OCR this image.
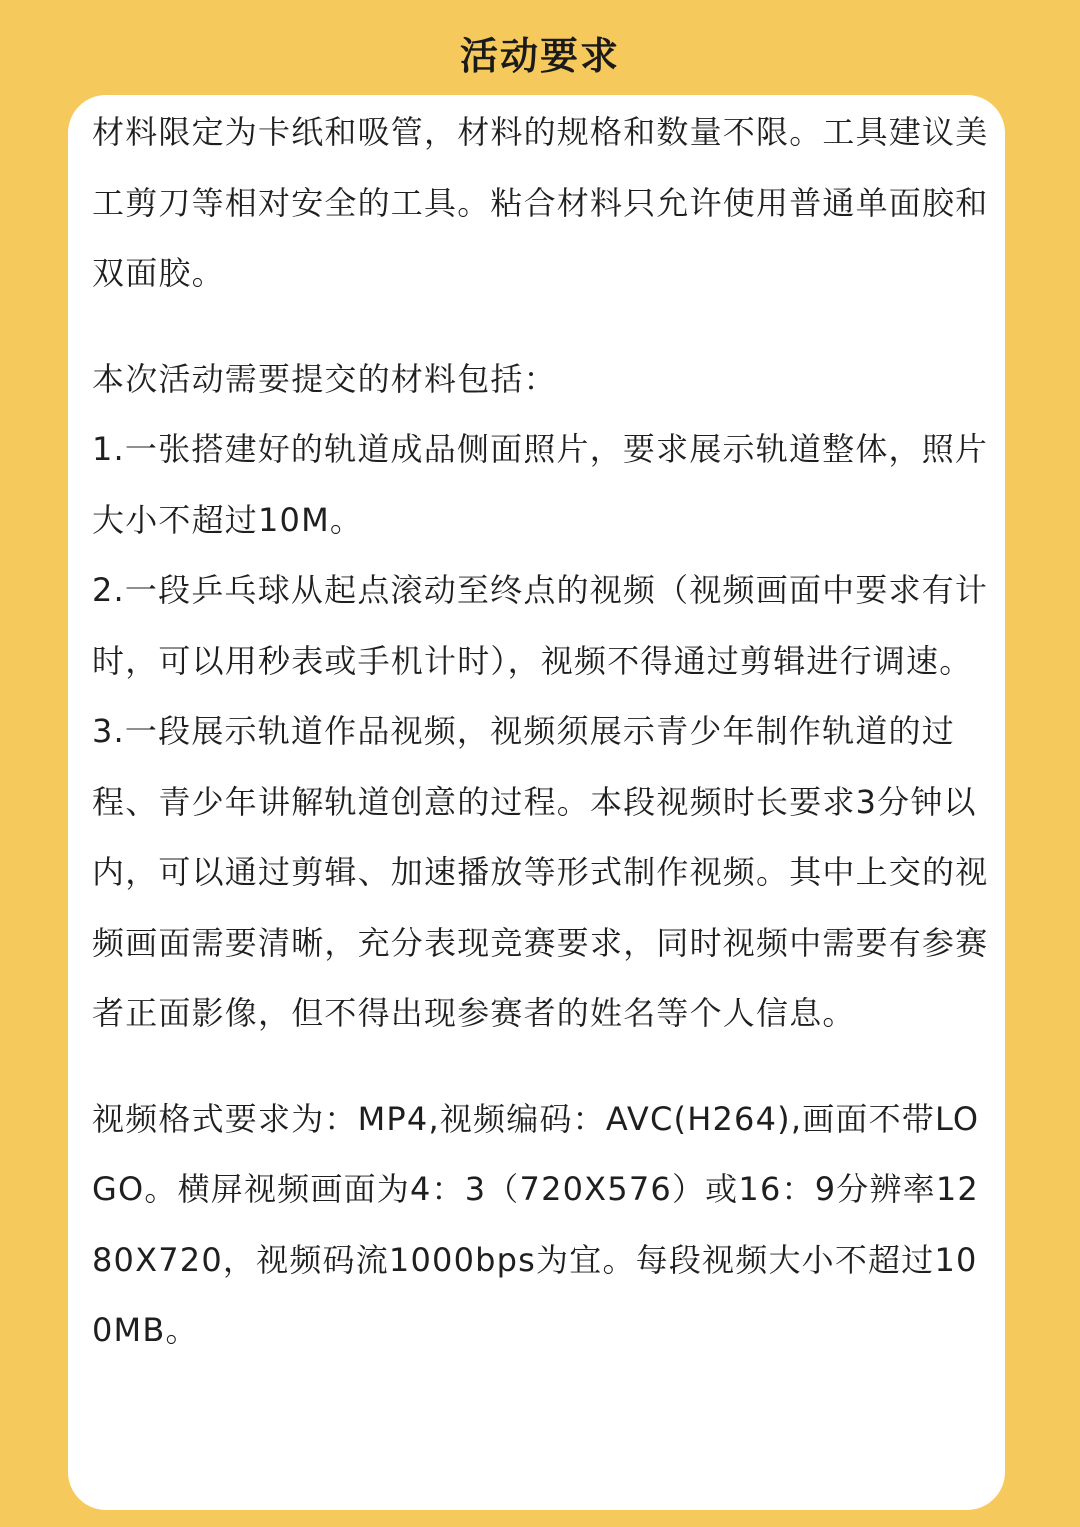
活动要求

材料限定为卡纸和吸管，材料的规格和数量不限。工具建议美工剪刀等相对安全的工具。粘合材料只允许使用普通单面胶和双面胶。

本次活动需要提交的材料包括：

1.一张搭建好的轨道成品侧面照片，要求展示轨道整体，照片大小不超过10M。

2.一段乒乓球从起点滚动至终点的视频（视频画面中要求有计时，可以用秒表或手机计时），视频不得通过剪辑进行调速。

3.一段展示轨道作品视频，视频须展示青少年制作轨道的过程、青少年讲解轨道创意的过程。本段视频时长要求3分钟以内，可以通过剪辑、加速播放等形式制作视频。其中上交的视频画面需要清晰，充分表现竞赛要求，同时视频中需要有参赛者正面影像，但不得出现参赛者的姓名等个人信息。

视频格式要求为：MP4,视频编码：AVC(H264),画面不带LOGO。横屏视频画面为4：3（720X576）或16：9分辨率1280X720，视频码流1000bps为宜。每段视频大小不超过100MB。
